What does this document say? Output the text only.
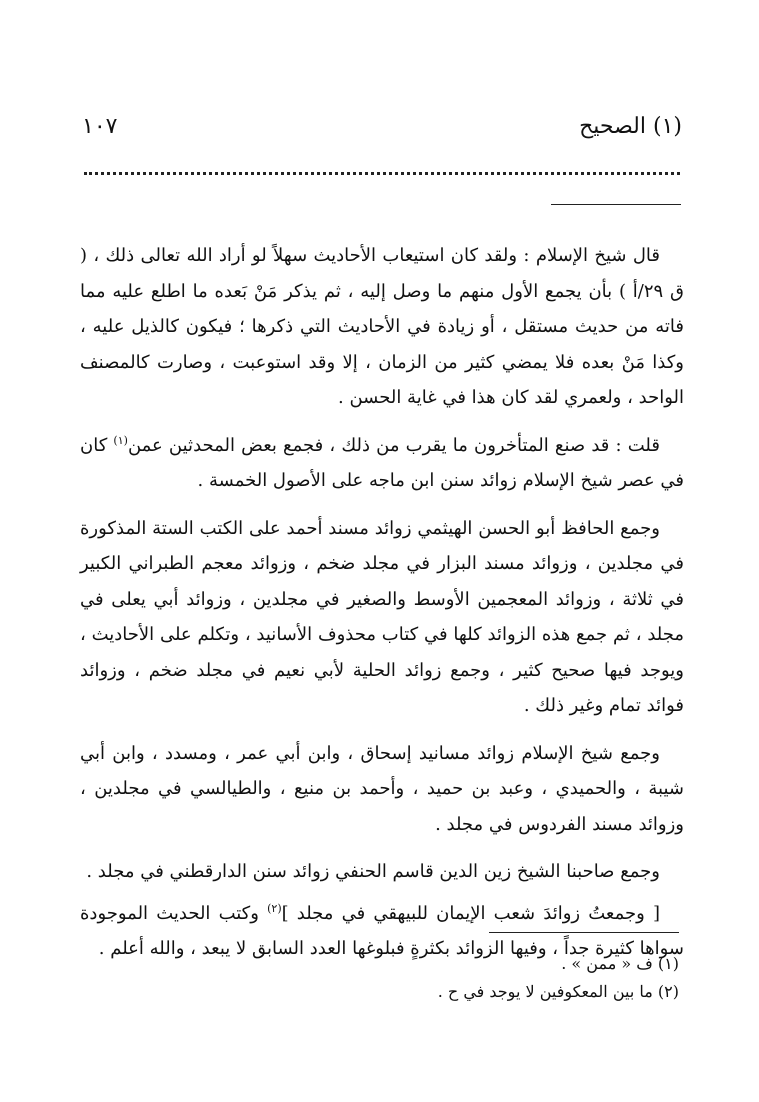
(١) الصحيح
١٠٧

قال شيخ الإسلام : ولقد كان استيعاب الأحاديث سهلاً لو أراد الله تعالى ذلك ، ( ق ٢٩/أ ) بأن يجمع الأول منهم ما وصل إليه ، ثم يذكر مَنْ بَعده ما اطلع عليه مما فاته من حديث مستقل ، أو زيادة في الأحاديث التي ذكرها ؛ فيكون كالذيل عليه ، وكذا مَنْ بعده فلا يمضي كثير من الزمان ، إلا وقد استوعبت ، وصارت كالمصنف الواحد ، ولعمري لقد كان هذا في غاية الحسن .

قلت : قد صنع المتأخرون ما يقرب من ذلك ، فجمع بعض المحدثين عمن$^{(١)}$ كان في عصر شيخ الإسلام زوائد سنن ابن ماجه على الأصول الخمسة .

وجمع الحافظ أبو الحسن الهيثمي زوائد مسند أحمد على الكتب الستة المذكورة في مجلدين ، وزوائد مسند البزار في مجلد ضخم ، وزوائد معجم الطبراني الكبير في ثلاثة ، وزوائد المعجمين الأوسط والصغير في مجلدين ، وزوائد أبي يعلى في مجلد ، ثم جمع هذه الزوائد كلها في كتاب محذوف الأسانيد ، وتكلم على الأحاديث ، ويوجد فيها صحيح كثير ، وجمع زوائد الحلية لأبي نعيم في مجلد ضخم ، وزوائد فوائد تمام وغير ذلك .

وجمع شيخ الإسلام زوائد مسانيد إسحاق ، وابن أبي عمر ، ومسدد ، وابن أبي شيبة ، والحميدي ، وعبد بن حميد ، وأحمد بن منيع ، والطيالسي في مجلدين ، وزوائد مسند الفردوس في مجلد .

وجمع صاحبنا الشيخ زين الدين قاسم الحنفي زوائد سنن الدارقطني في مجلد .

[ وجمعتُ زوائدَ شعب الإيمان للبيهقي في مجلد ]$^{(٢)}$ وكتب الحديث الموجودة سواها كثيرة جداً ، وفيها الزوائد بكثرةٍ فبلوغها العدد السابق لا يبعد ، والله أعلم .

(١) ف « ممن » .
(٢) ما بين المعكوفين لا يوجد في ح .
